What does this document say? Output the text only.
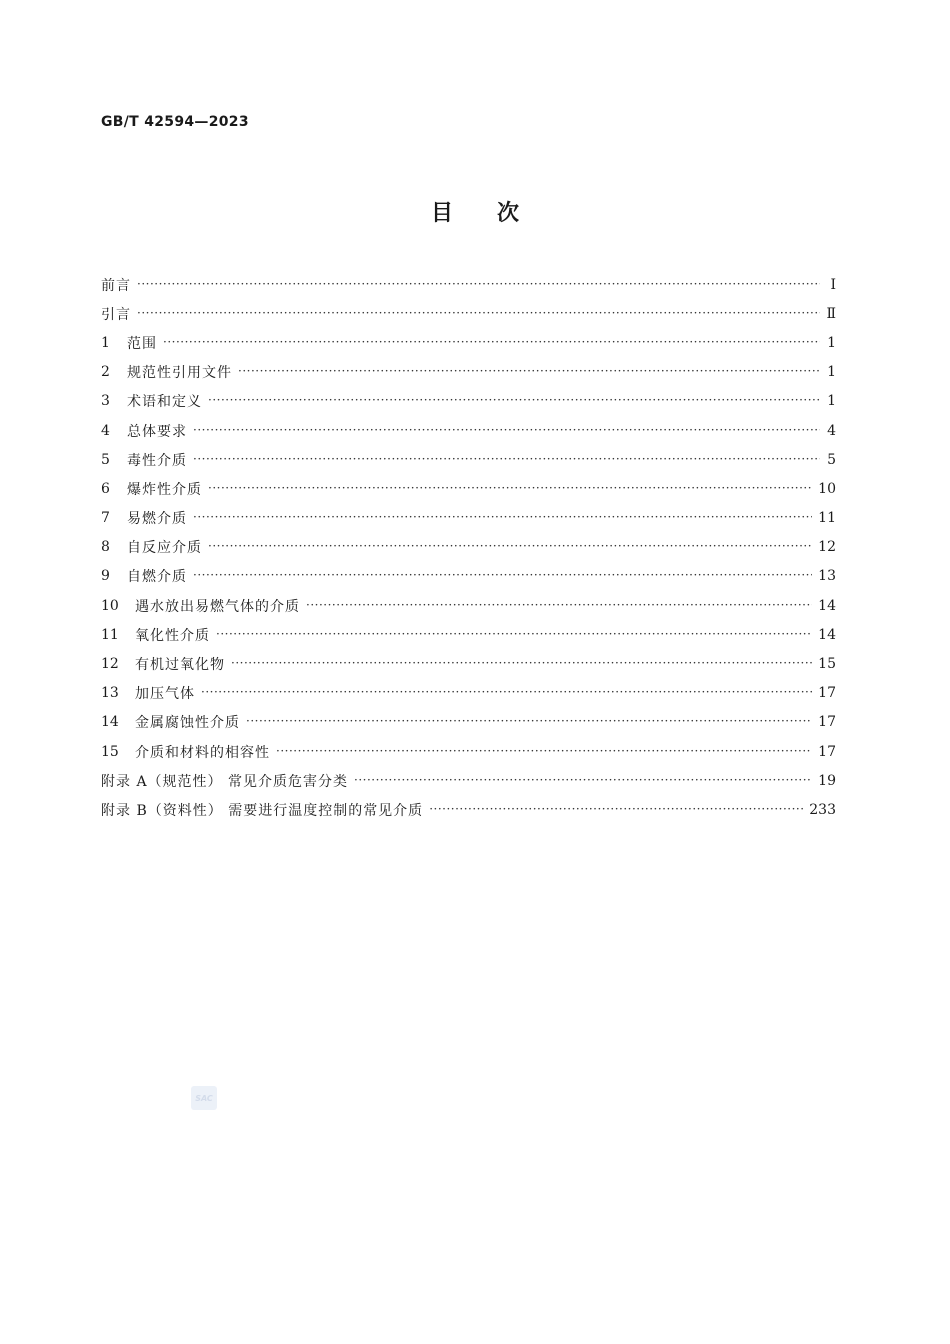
GB/T 42594—2023
目次
前言 ·····	Ⅰ
引言 ·····	Ⅱ
1	范围 ·····	1
2	规范性引用文件 ·····	1
3	术语和定义 ·····	1
4	总体要求 ·····	4
5	毒性介质 ·····	5
6	爆炸性介质 ·····	10
7	易燃介质 ·····	11
8	自反应介质 ·····	12
9	自燃介质 ·····	13
10	遇水放出易燃气体的介质 ·····	14
11	氧化性介质 ·····	14
12	有机过氧化物 ·····	15
13	加压气体 ·····	17
14	金属腐蚀性介质 ·····	17
15	介质和材料的相容性 ·····	17
附录 A（规范性） 常见介质危害分类 ·····	19
附录 B（资料性） 需要进行温度控制的常见介质 ·····	233
SAC
